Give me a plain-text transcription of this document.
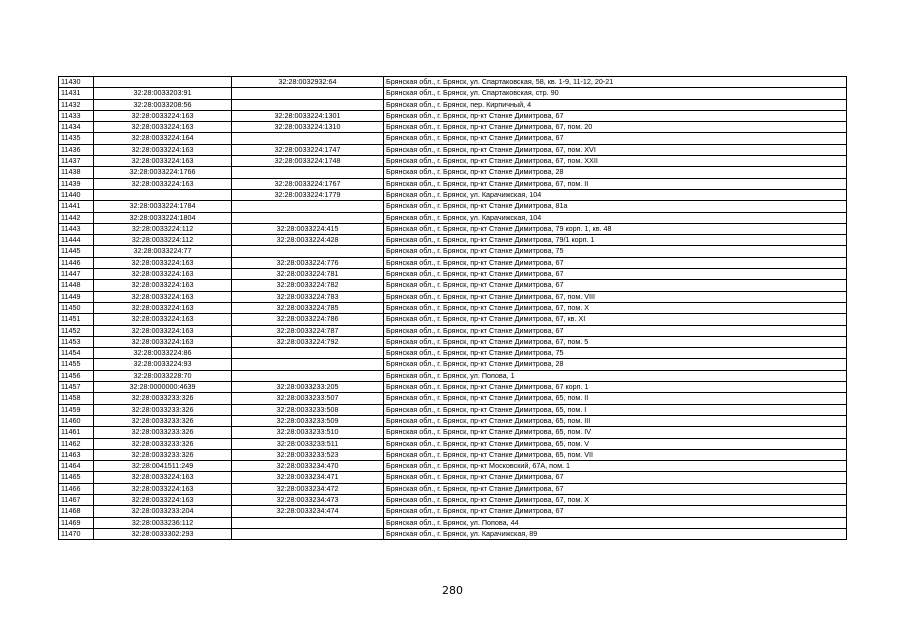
11430		32:28:0032932:64	Брянская обл., г. Брянск, ул. Спартаковская, 58, кв. 1-9, 11-12, 20-21
11431	32:28:0033203:91		Брянская обл., г. Брянск, ул. Спартаковская, стр. 90
11432	32:28:0033208:56		Брянская обл., г. Брянск, пер. Кирпичный, 4
11433	32:28:0033224:163	32:28:0033224:1301	Брянская обл., г. Брянск, пр-кт Станке Димитрова, 67
11434	32:28:0033224:163	32:28:0033224:1310	Брянская обл., г. Брянск, пр-кт Станке Димитрова, 67, пом. 20
11435	32:28:0033224:164		Брянская обл., г. Брянск, пр-кт Станке Димитрова, 67
11436	32:28:0033224:163	32:28:0033224:1747	Брянская обл., г. Брянск, пр-кт Станке Димитрова, 67, пом. XVI
11437	32:28:0033224:163	32:28:0033224:1748	Брянская обл., г. Брянск, пр-кт Станке Димитрова, 67, пом. XXII
11438	32:28:0033224:1766		Брянская обл., г. Брянск, пр-кт Станке Димитрова, 28
11439	32:28:0033224:163	32:28:0033224:1767	Брянская обл., г. Брянск, пр-кт Станке Димитрова, 67, пом. II
11440		32:28:0033224:1779	Брянская обл., г. Брянск, ул. Карачижская, 104
11441	32:28:0033224:1784		Брянская обл., г. Брянск, пр-кт Станке Димитрова, 81а
11442	32:28:0033224:1804		Брянская обл., г. Брянск, ул. Карачижская, 104
11443	32:28:0033224:112	32:28:0033224:415	Брянская обл., г. Брянск, пр-кт Станке Димитрова, 79 корп. 1, кв. 48
11444	32:28:0033224:112	32:28:0033224:428	Брянская обл., г. Брянск, пр-кт Станке Димитрова, 79/1 корп. 1
11445	32:28:0033224:77		Брянская обл., г. Брянск, пр-кт Станке Димитрова, 75
11446	32:28:0033224:163	32:28:0033224:776	Брянская обл., г. Брянск, пр-кт Станке Димитрова, 67
11447	32:28:0033224:163	32:28:0033224:781	Брянская обл., г. Брянск, пр-кт Станке Димитрова, 67
11448	32:28:0033224:163	32:28:0033224:782	Брянская обл., г. Брянск, пр-кт Станке Димитрова, 67
11449	32:28:0033224:163	32:28:0033224:783	Брянская обл., г. Брянск, пр-кт Станке Димитрова, 67, пом. VIII
11450	32:28:0033224:163	32:28:0033224:785	Брянская обл., г. Брянск, пр-кт Станке Димитрова, 67, пом. X
11451	32:28:0033224:163	32:28:0033224:786	Брянская обл., г. Брянск, пр-кт Станке Димитрова, 67, кв. XI
11452	32:28:0033224:163	32:28:0033224:787	Брянская обл., г. Брянск, пр-кт Станке Димитрова, 67
11453	32:28:0033224:163	32:28:0033224:792	Брянская обл., г. Брянск, пр-кт Станке Димитрова, 67, пом. 5
11454	32:28:0033224:86		Брянская обл., г. Брянск, пр-кт Станке Димитрова, 75
11455	32:28:0033224:93		Брянская обл., г. Брянск, пр-кт Станке Димитрова, 28
11456	32:28:0033228:70		Брянская обл., г. Брянск, ул. Попова, 1
11457	32:28:0000000:4639	32:28:0033233:205	Брянская обл., г. Брянск, пр-кт Станке Димитрова, 67 корп. 1
11458	32:28:0033233:326	32:28:0033233:507	Брянская обл., г. Брянск, пр-кт Станке Димитрова, 65, пом. II
11459	32:28:0033233:326	32:28:0033233:508	Брянская обл., г. Брянск, пр-кт Станке Димитрова, 65, пом. I
11460	32:28:0033233:326	32:28:0033233:509	Брянская обл., г. Брянск, пр-кт Станке Димитрова, 65, пом. III
11461	32:28:0033233:326	32:28:0033233:510	Брянская обл., г. Брянск, пр-кт Станке Димитрова, 65, пом. IV
11462	32:28:0033233:326	32:28:0033233:511	Брянская обл., г. Брянск, пр-кт Станке Димитрова, 65, пом. V
11463	32:28:0033233:326	32:28:0033233:523	Брянская обл., г. Брянск, пр-кт Станке Димитрова, 65, пом. VII
11464	32:28:0041511:249	32:28:0033234:470	Брянская обл., г. Брянск, пр-кт Московский, 67А, пом. 1
11465	32:28:0033224:163	32:28:0033234:471	Брянская обл., г. Брянск, пр-кт Станке Димитрова, 67
11466	32:28:0033224:163	32:28:0033234:472	Брянская обл., г. Брянск, пр-кт Станке Димитрова, 67
11467	32:28:0033224:163	32:28:0033234:473	Брянская обл., г. Брянск, пр-кт Станке Димитрова, 67, пом. X
11468	32:28:0033233:204	32:28:0033234:474	Брянская обл., г. Брянск, пр-кт Станке Димитрова, 67
11469	32:28:0033236:112		Брянская обл., г. Брянск, ул. Попова, 44
11470	32:28:0033302:293		Брянская обл., г. Брянск, ул. Карачижская, 89
280
